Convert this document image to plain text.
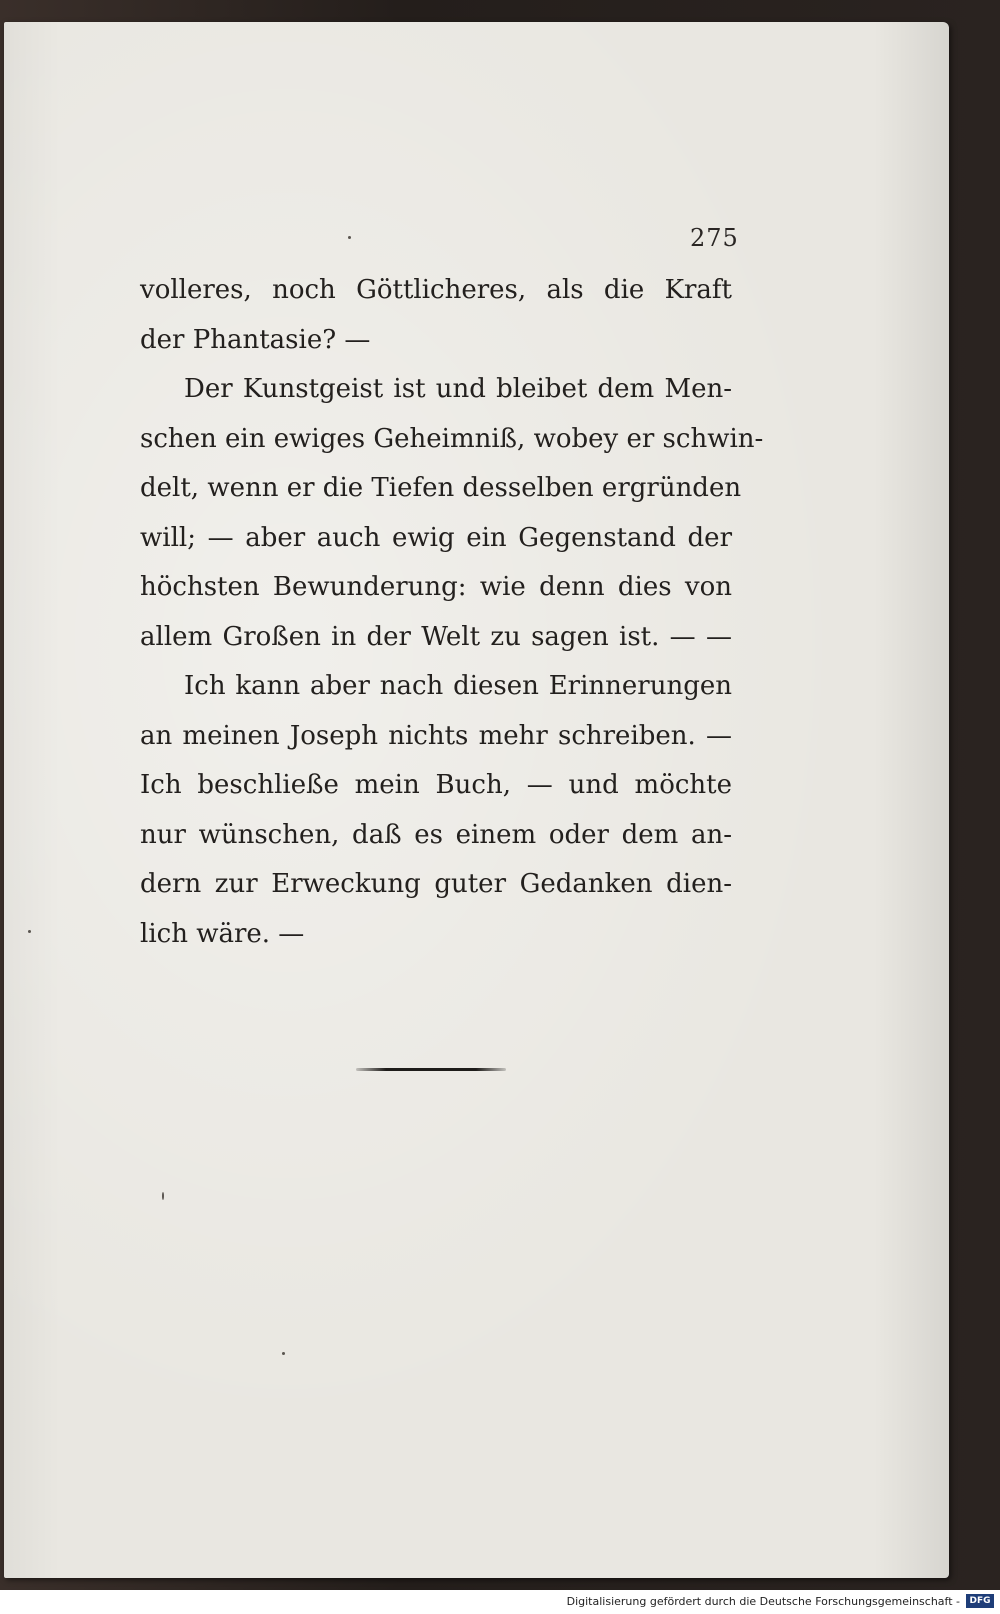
275
volleres, noch Göttlicheres, als die Kraft
der Phantasie? —
Der Kunstgeist ist und bleibet dem Men-
schen ein ewiges Geheimniß, wobey er schwin-
delt, wenn er die Tiefen desselben ergründen
will; — aber auch ewig ein Gegenstand der
höchsten Bewunderung: wie denn dies von
allem Großen in der Welt zu sagen ist. — —
Ich kann aber nach diesen Erinnerungen
an meinen Joseph nichts mehr schreiben. —
Ich beschließe mein Buch, — und möchte
nur wünschen, daß es einem oder dem an-
dern zur Erweckung guter Gedanken dien-
lich wäre. —
Digitalisierung gefördert durch die Deutsche Forschungsgemeinschaft -	DFG
